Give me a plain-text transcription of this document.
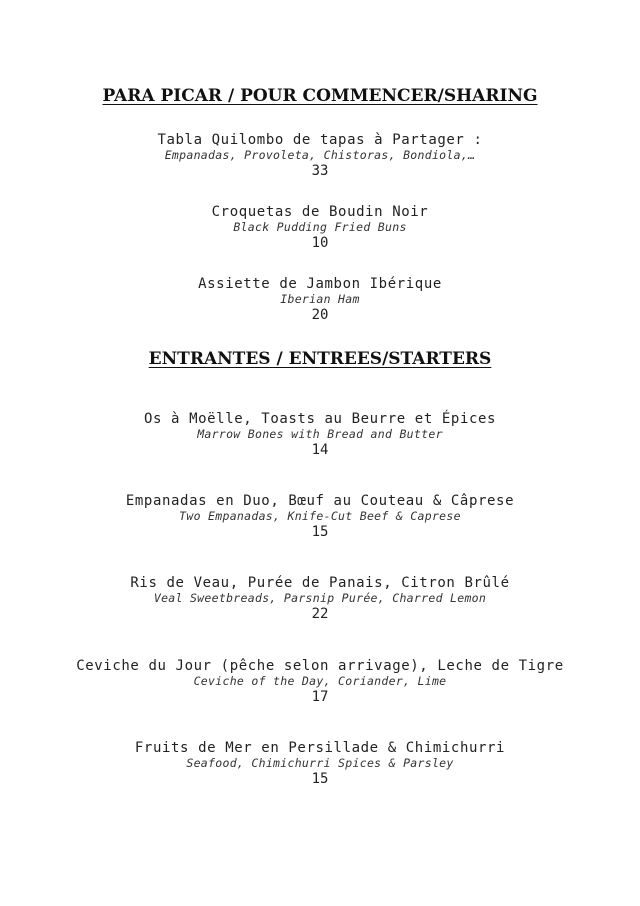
PARA PICAR / POUR COMMENCER/SHARING
Tabla Quilombo de tapas à Partager :
Empanadas, Provoleta, Chistoras, Bondiola,…
33
Croquetas de Boudin Noir
Black Pudding Fried Buns
10
Assiette de Jambon Ibérique
Iberian Ham
20
ENTRANTES / ENTREES/STARTERS
Os à Moëlle, Toasts au Beurre et Épices
Marrow Bones with Bread and Butter
14
Empanadas en Duo, Bœuf au Couteau & Câprese
Two Empanadas, Knife-Cut Beef & Caprese
15
Ris de Veau, Purée de Panais, Citron Brûlé
Veal Sweetbreads, Parsnip Purée, Charred Lemon
22
Ceviche du Jour (pêche selon arrivage), Leche de Tigre
Ceviche of the Day, Coriander, Lime
17
Fruits de Mer en Persillade & Chimichurri
Seafood, Chimichurri Spices & Parsley
15
